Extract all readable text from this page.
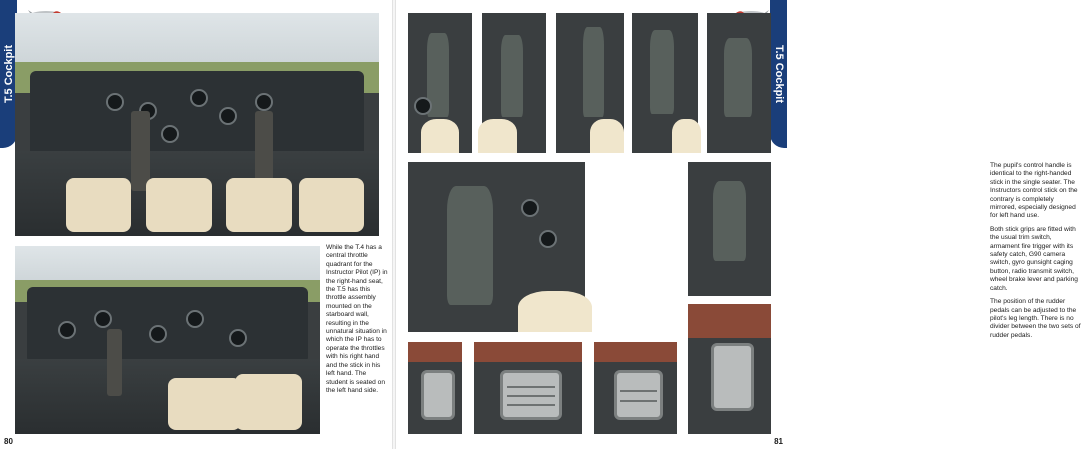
T.5 Cockpit
While the T.4 has a central throttle quadrant for the Instructor Pilot (IP) in the right-hand seat, the T.5 has this throttle assembly mounted on the starboard wall, resulting in the unnatural situation in which the IP has to operate the throttles with his right hand and the stick in his left hand. The student is seated on the left hand side.
80
T.5 Cockpit

The pupil's control handle is identical to the right-handed stick in the single seater. The Instructors control stick on the contrary is completely mirrored, especially designed for left hand use.

Both stick grips are fitted with the usual trim switch, armament fire trigger with its safety catch, G90 camera switch, gyro gunsight caging button, radio transmit switch, wheel brake lever and parking catch.

The position of the rudder pedals can be adjusted to the pilot's leg length. There is no divider between the two sets of rudder pedals.

81
